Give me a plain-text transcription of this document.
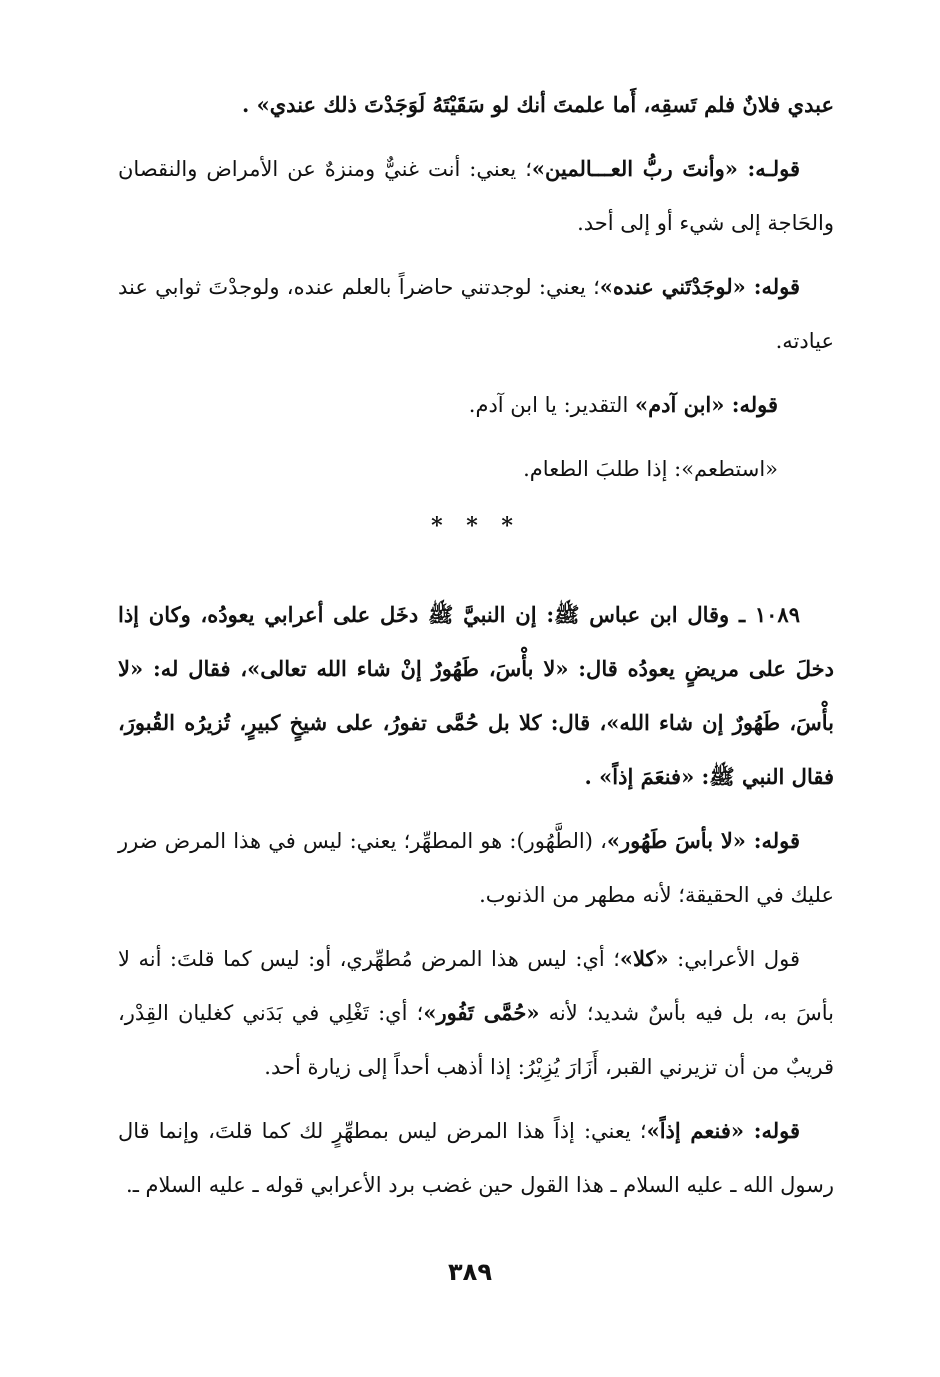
عبدي فلانٌ فلم تَسقِه، أَما علمتَ أنك لو سَقَيْتَهُ لَوَجَدْتَ ذلك عندي» .

قولـه: «وأنتَ ربُّ العـــالمين»؛ يعني: أنت غنيٌّ ومنزهٌ عن الأمراض والنقصان والحَاجة إلى شيء أو إلى أحد.

قوله: «لوجَدْتَني عنده»؛ يعني: لوجدتني حاضراً بالعلم عنده، ولوجدْتَ ثوابي عند عيادته.

قوله: «ابن آدم» التقدير: يا ابن آدم.

«استطعم»: إذا طلبَ الطعام.

* * *

١٠٨٩ ـ وقال ابن عباس ﷺ: إن النبيَّ ﷺ دخَل على أعرابي يعودُه، وكان إذا دخلَ على مريضٍ يعودُه قال: «لا بأْسَ، طَهُورٌ إنْ شاء الله تعالى»، فقال له: «لا بأْسَ، طَهُورٌ إن شاء الله»، قال: كلا بل حُمَّى تفورُ، على شيخٍ كبيرٍ، تُزيرُه القُبورَ، فقال النبي ﷺ: «فنعَمَ إذاً» .

قوله: «لا بأسَ طَهُور»، (الطَّهُور): هو المطهِّر؛ يعني: ليس في هذا المرض ضرر عليك في الحقيقة؛ لأنه مطهر من الذنوب.

قول الأعرابي: «كلا»؛ أي: ليس هذا المرض مُطهِّري، أو: ليس كما قلتَ: أنه لا بأسَ به، بل فيه بأسٌ شديد؛ لأنه «حُمَّى تَفُور»؛ أي: تَغْلِي في بَدَني كغليان القِدْر، قريبٌ من أن تزيرني القبر، أَزَارَ يُزِيْرُ: إذا أذهب أحداً إلى زيارة أحد.

قوله: «فنعم إذاً»؛ يعني: إذاً هذا المرض ليس بمطهِّرٍ لك كما قلتَ، وإنما قال رسول الله ـ عليه السلام ـ هذا القول حين غضب برد الأعرابي قوله ـ عليه السلام ـ.

٣٨٩
